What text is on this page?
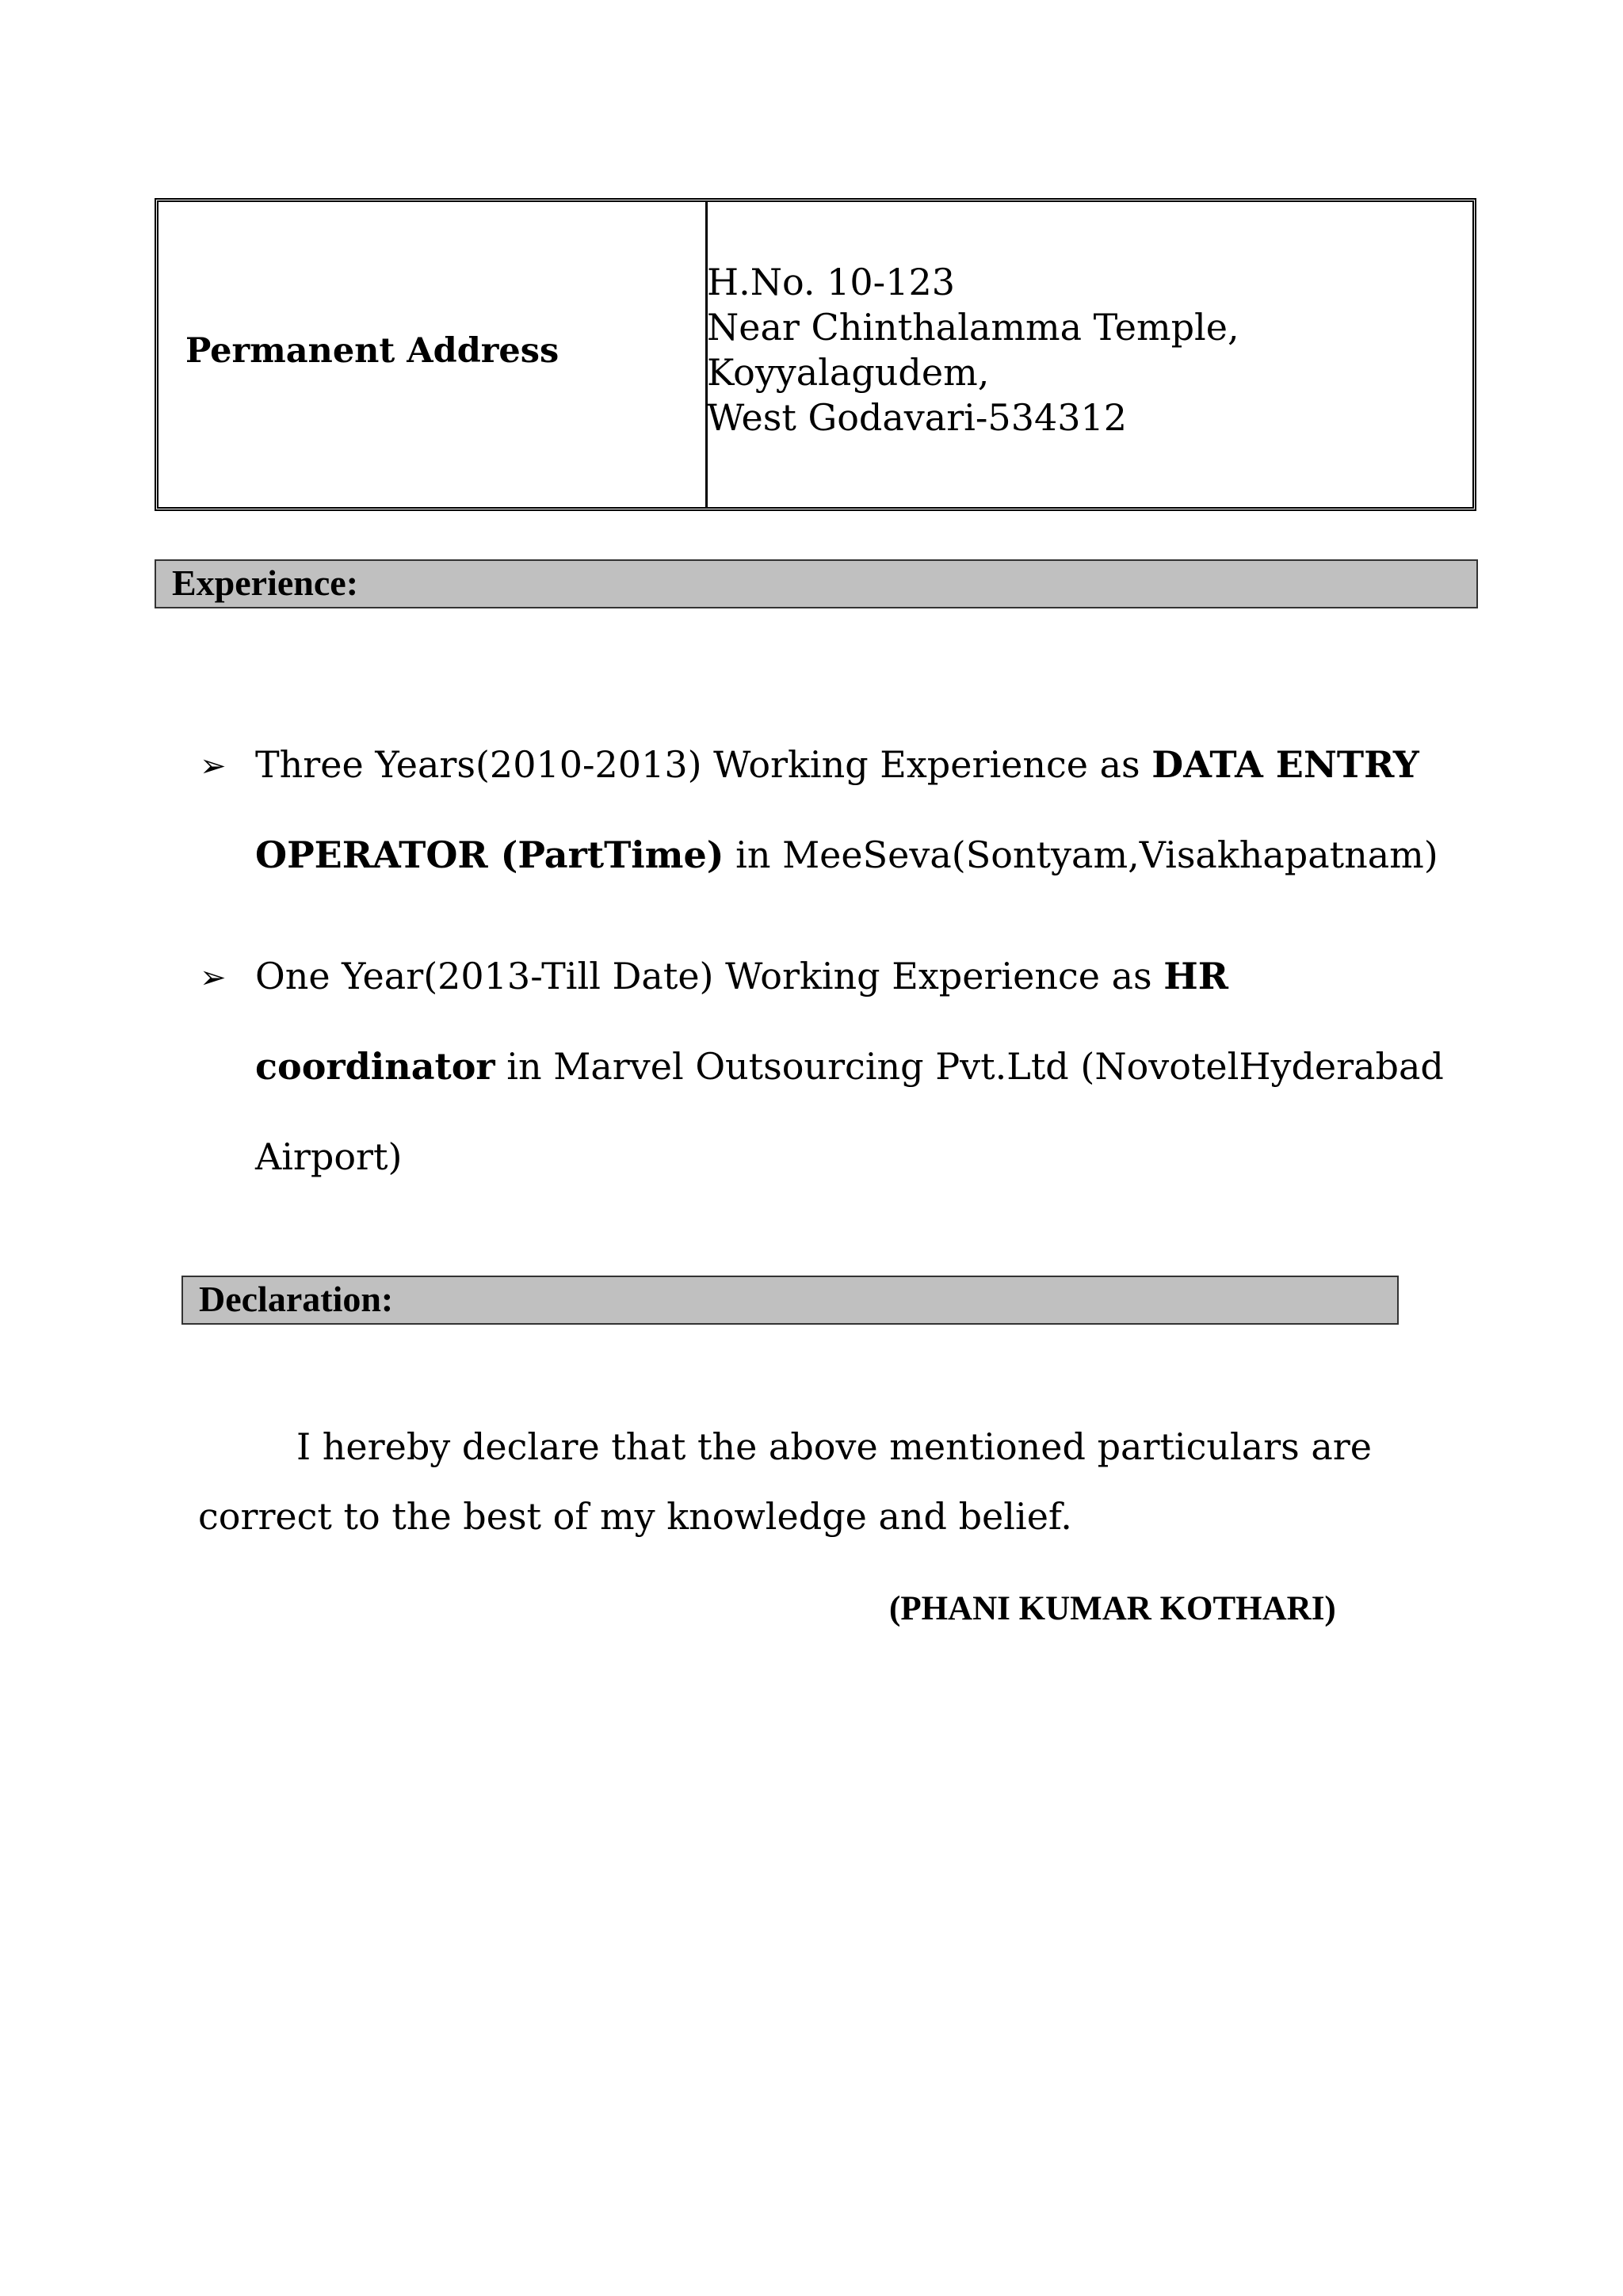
Permanent Address
H.No. 10-123
Near Chinthalamma Temple,
Koyyalagudem,
West Godavari-534312
Experience:
➢ Three Years(2010-2013) Working Experience as DATA ENTRY
OPERATOR (PartTime) in MeeSeva(Sontyam,Visakhapatnam)
➢ One Year(2013-Till Date) Working Experience as HR
coordinator in Marvel Outsourcing Pvt.Ltd (NovotelHyderabad
Airport)
Declaration:
I hereby declare that the above mentioned particulars are
correct to the best of my knowledge and belief.
(PHANI KUMAR KOTHARI)
